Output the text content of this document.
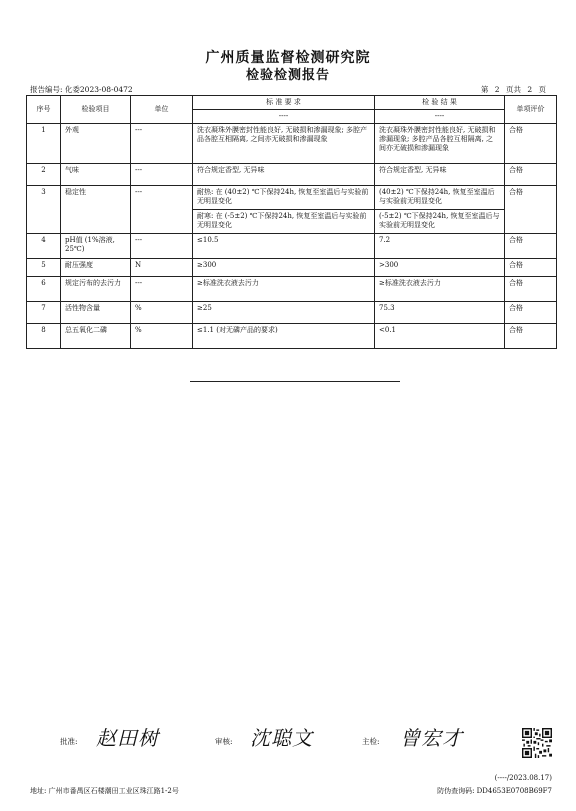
广州质量监督检测研究院
检验检测报告
报告编号: 化委2023-08-0472	第 2 页共 2 页
序号	检验项目	单位	标 准 要 求	检 验 结 果	单项评价
			----	----	
1	外观	---	洗衣凝珠外膜密封性能良好, 无破损和渗漏现象; 多腔产品各腔互相隔离, 之间亦无破损和渗漏现象	洗衣凝珠外膜密封性能良好, 无破损和渗漏现象; 多腔产品各腔互相隔离, 之间亦无破损和渗漏现象	合格
2	气味	---	符合规定香型, 无异味	符合规定香型, 无异味	合格
3	稳定性	---	耐热: 在 (40±2) ℃下保持24h, 恢复至室温后与实验前无明显变化	(40±2) ℃下保持24h, 恢复至室温后与实验前无明显变化	合格
			耐寒: 在 (-5±2) ℃下保持24h, 恢复至室温后与实验前无明显变化	(-5±2) ℃下保持24h, 恢复至室温后与实验前无明显变化	
4	pH值 (1%溶液, 25℃)	---	≤10.5	7.2	合格
5	耐压强度	N	≥300	>300	合格
6	规定污布的去污力	---	≥标准洗衣液去污力	≥标准洗衣液去污力	合格
7	活性物含量	%	≥25	75.3	合格
8	总五氧化二磷	%	≤1.1 (对无磷产品的要求)	<0.1	合格
批准: 赵田树	审核: 沈聪文	主检: 曾宏才
(----/2023.08.17)
地址: 广州市番禺区石楼潮田工业区珠江路1-2号	防伪查询码: DD4653E0708B69F7
